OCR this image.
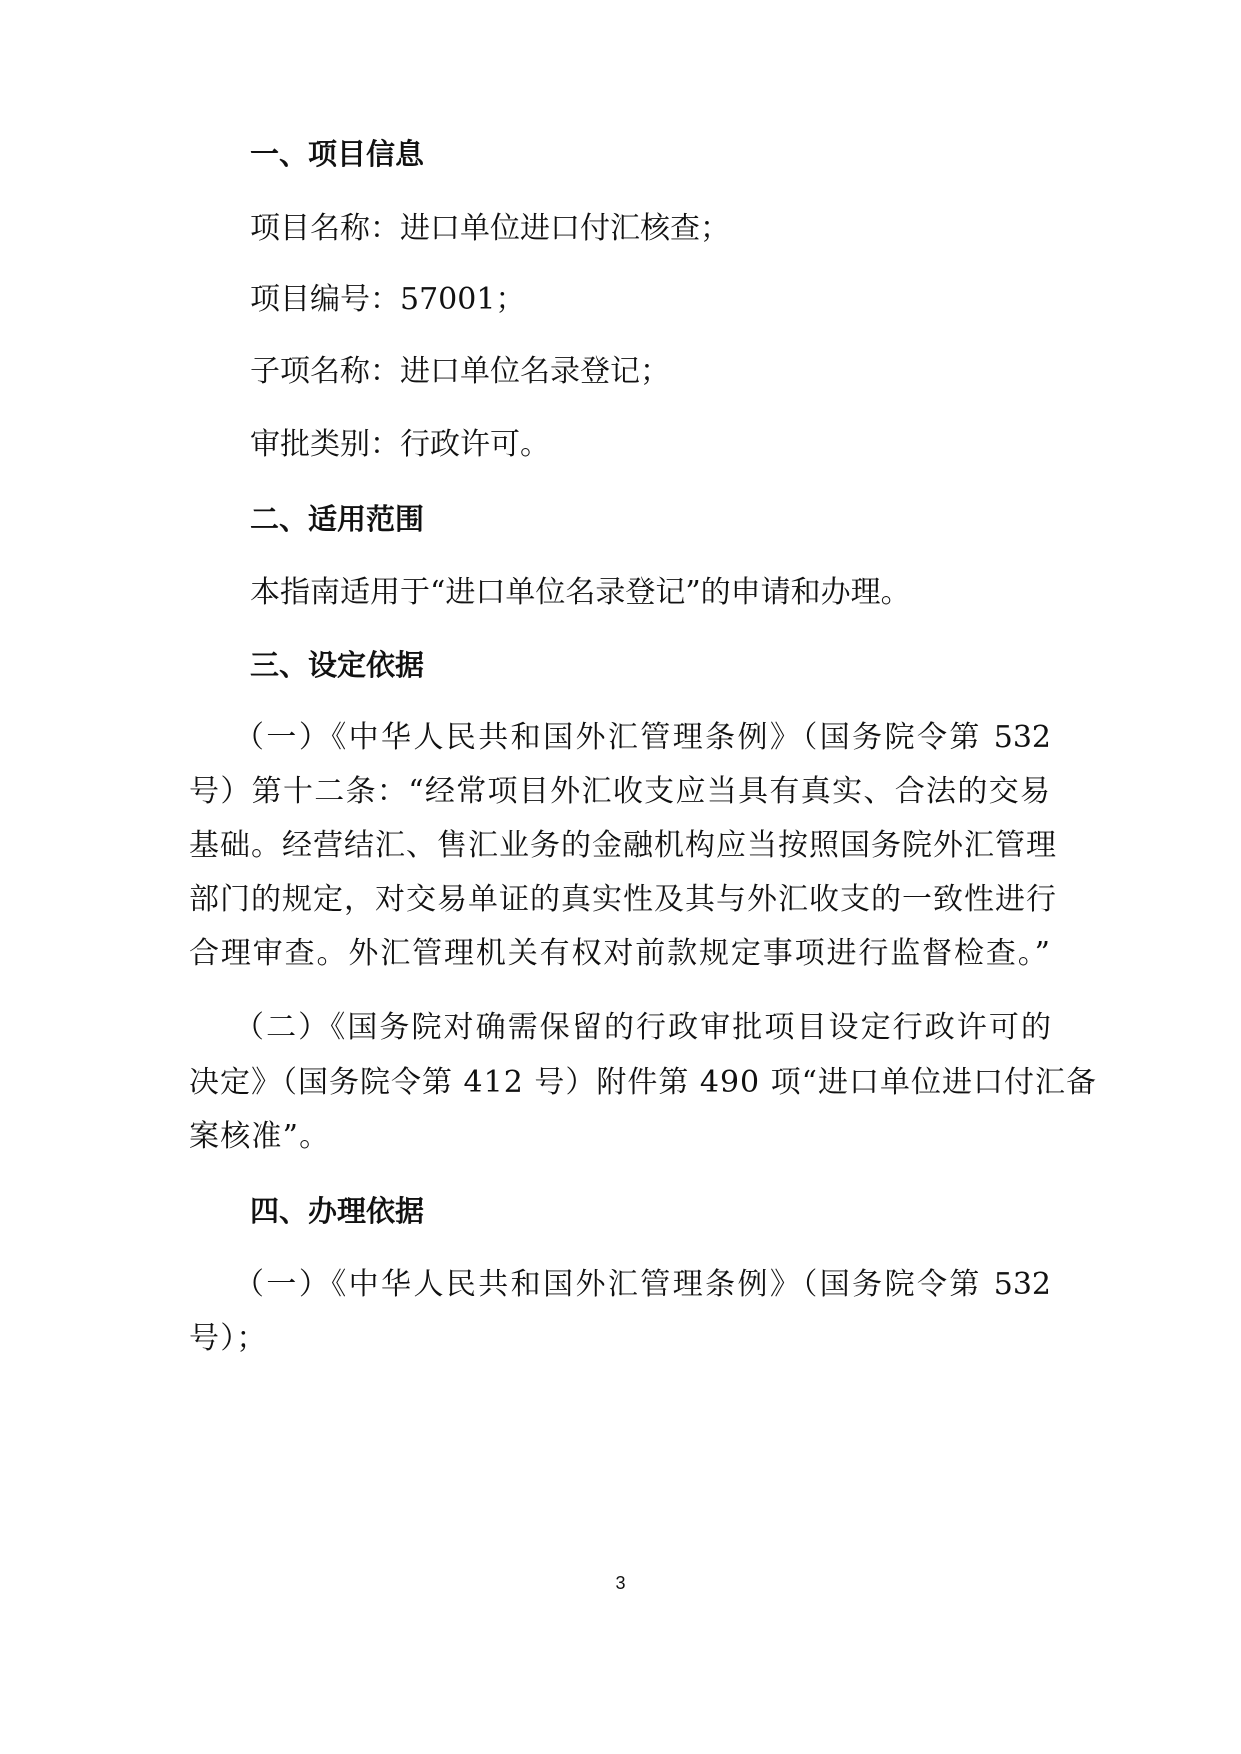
一、项目信息
项目名称：进口单位进口付汇核查；
项目编号：57001；
子项名称：进口单位名录登记；
审批类别：行政许可。
二、适用范围
本指南适用于“进口单位名录登记”的申请和办理。
三、设定依据
（一）《中华人民共和国外汇管理条例》（国务院令第 532
号）第十二条：“经常项目外汇收支应当具有真实、合法的交易
基础。经营结汇、售汇业务的金融机构应当按照国务院外汇管理
部门的规定，对交易单证的真实性及其与外汇收支的一致性进行
合理审查。外汇管理机关有权对前款规定事项进行监督检查。”
（二）《国务院对确需保留的行政审批项目设定行政许可的
决定》（国务院令第 412 号）附件第 490 项“进口单位进口付汇备
案核准”。
四、办理依据
（一）《中华人民共和国外汇管理条例》（国务院令第 532
号）；
3
